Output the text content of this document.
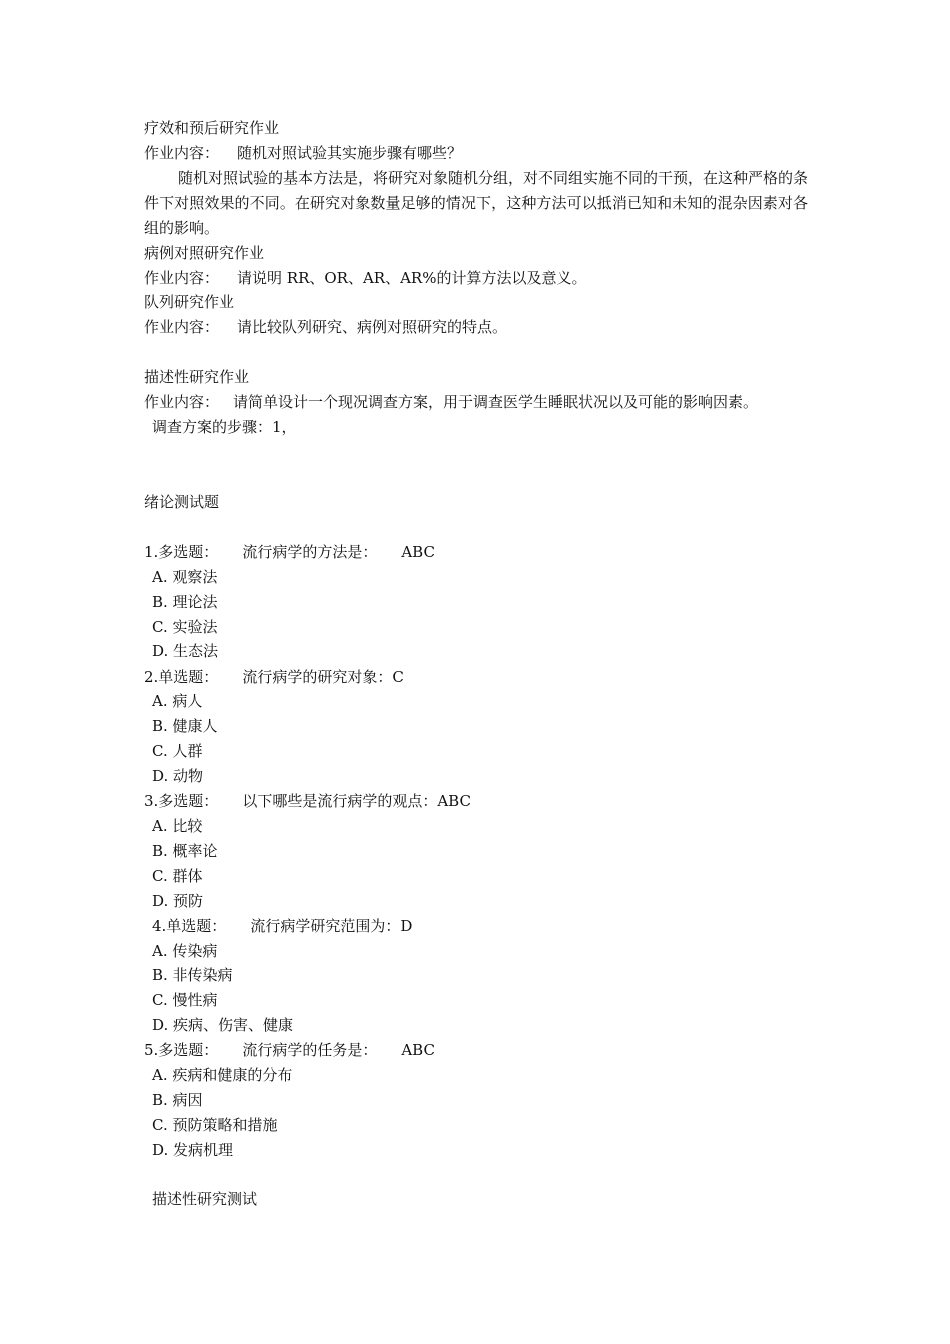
疗效和预后研究作业
作业内容： 随机对照试验其实施步骤有哪些？
随机对照试验的基本方法是，将研究对象随机分组，对不同组实施不同的干预，在这种严格的条件下对照效果的不同。在研究对象数量足够的情况下，这种方法可以抵消已知和未知的混杂因素对各组的影响。
病例对照研究作业
作业内容： 请说明 RR、OR、AR、AR%的计算方法以及意义。
队列研究作业
作业内容： 请比较队列研究、病例对照研究的特点。
描述性研究作业
作业内容： 请简单设计一个现况调查方案，用于调查医学生睡眠状况以及可能的影响因素。
调查方案的步骤：1，
绪论测试题
1.多选题： 流行病学的方法是： ABC
A. 观察法
B. 理论法
C. 实验法
D. 生态法
2.单选题： 流行病学的研究对象：C
A. 病人
B. 健康人
C. 人群
D. 动物
3.多选题： 以下哪些是流行病学的观点：ABC
A. 比较
B. 概率论
C. 群体
D. 预防
4.单选题： 流行病学研究范围为：D
A. 传染病
B. 非传染病
C. 慢性病
D. 疾病、伤害、健康
5.多选题： 流行病学的任务是： ABC
A. 疾病和健康的分布
B. 病因
C. 预防策略和措施
D. 发病机理
描述性研究测试
